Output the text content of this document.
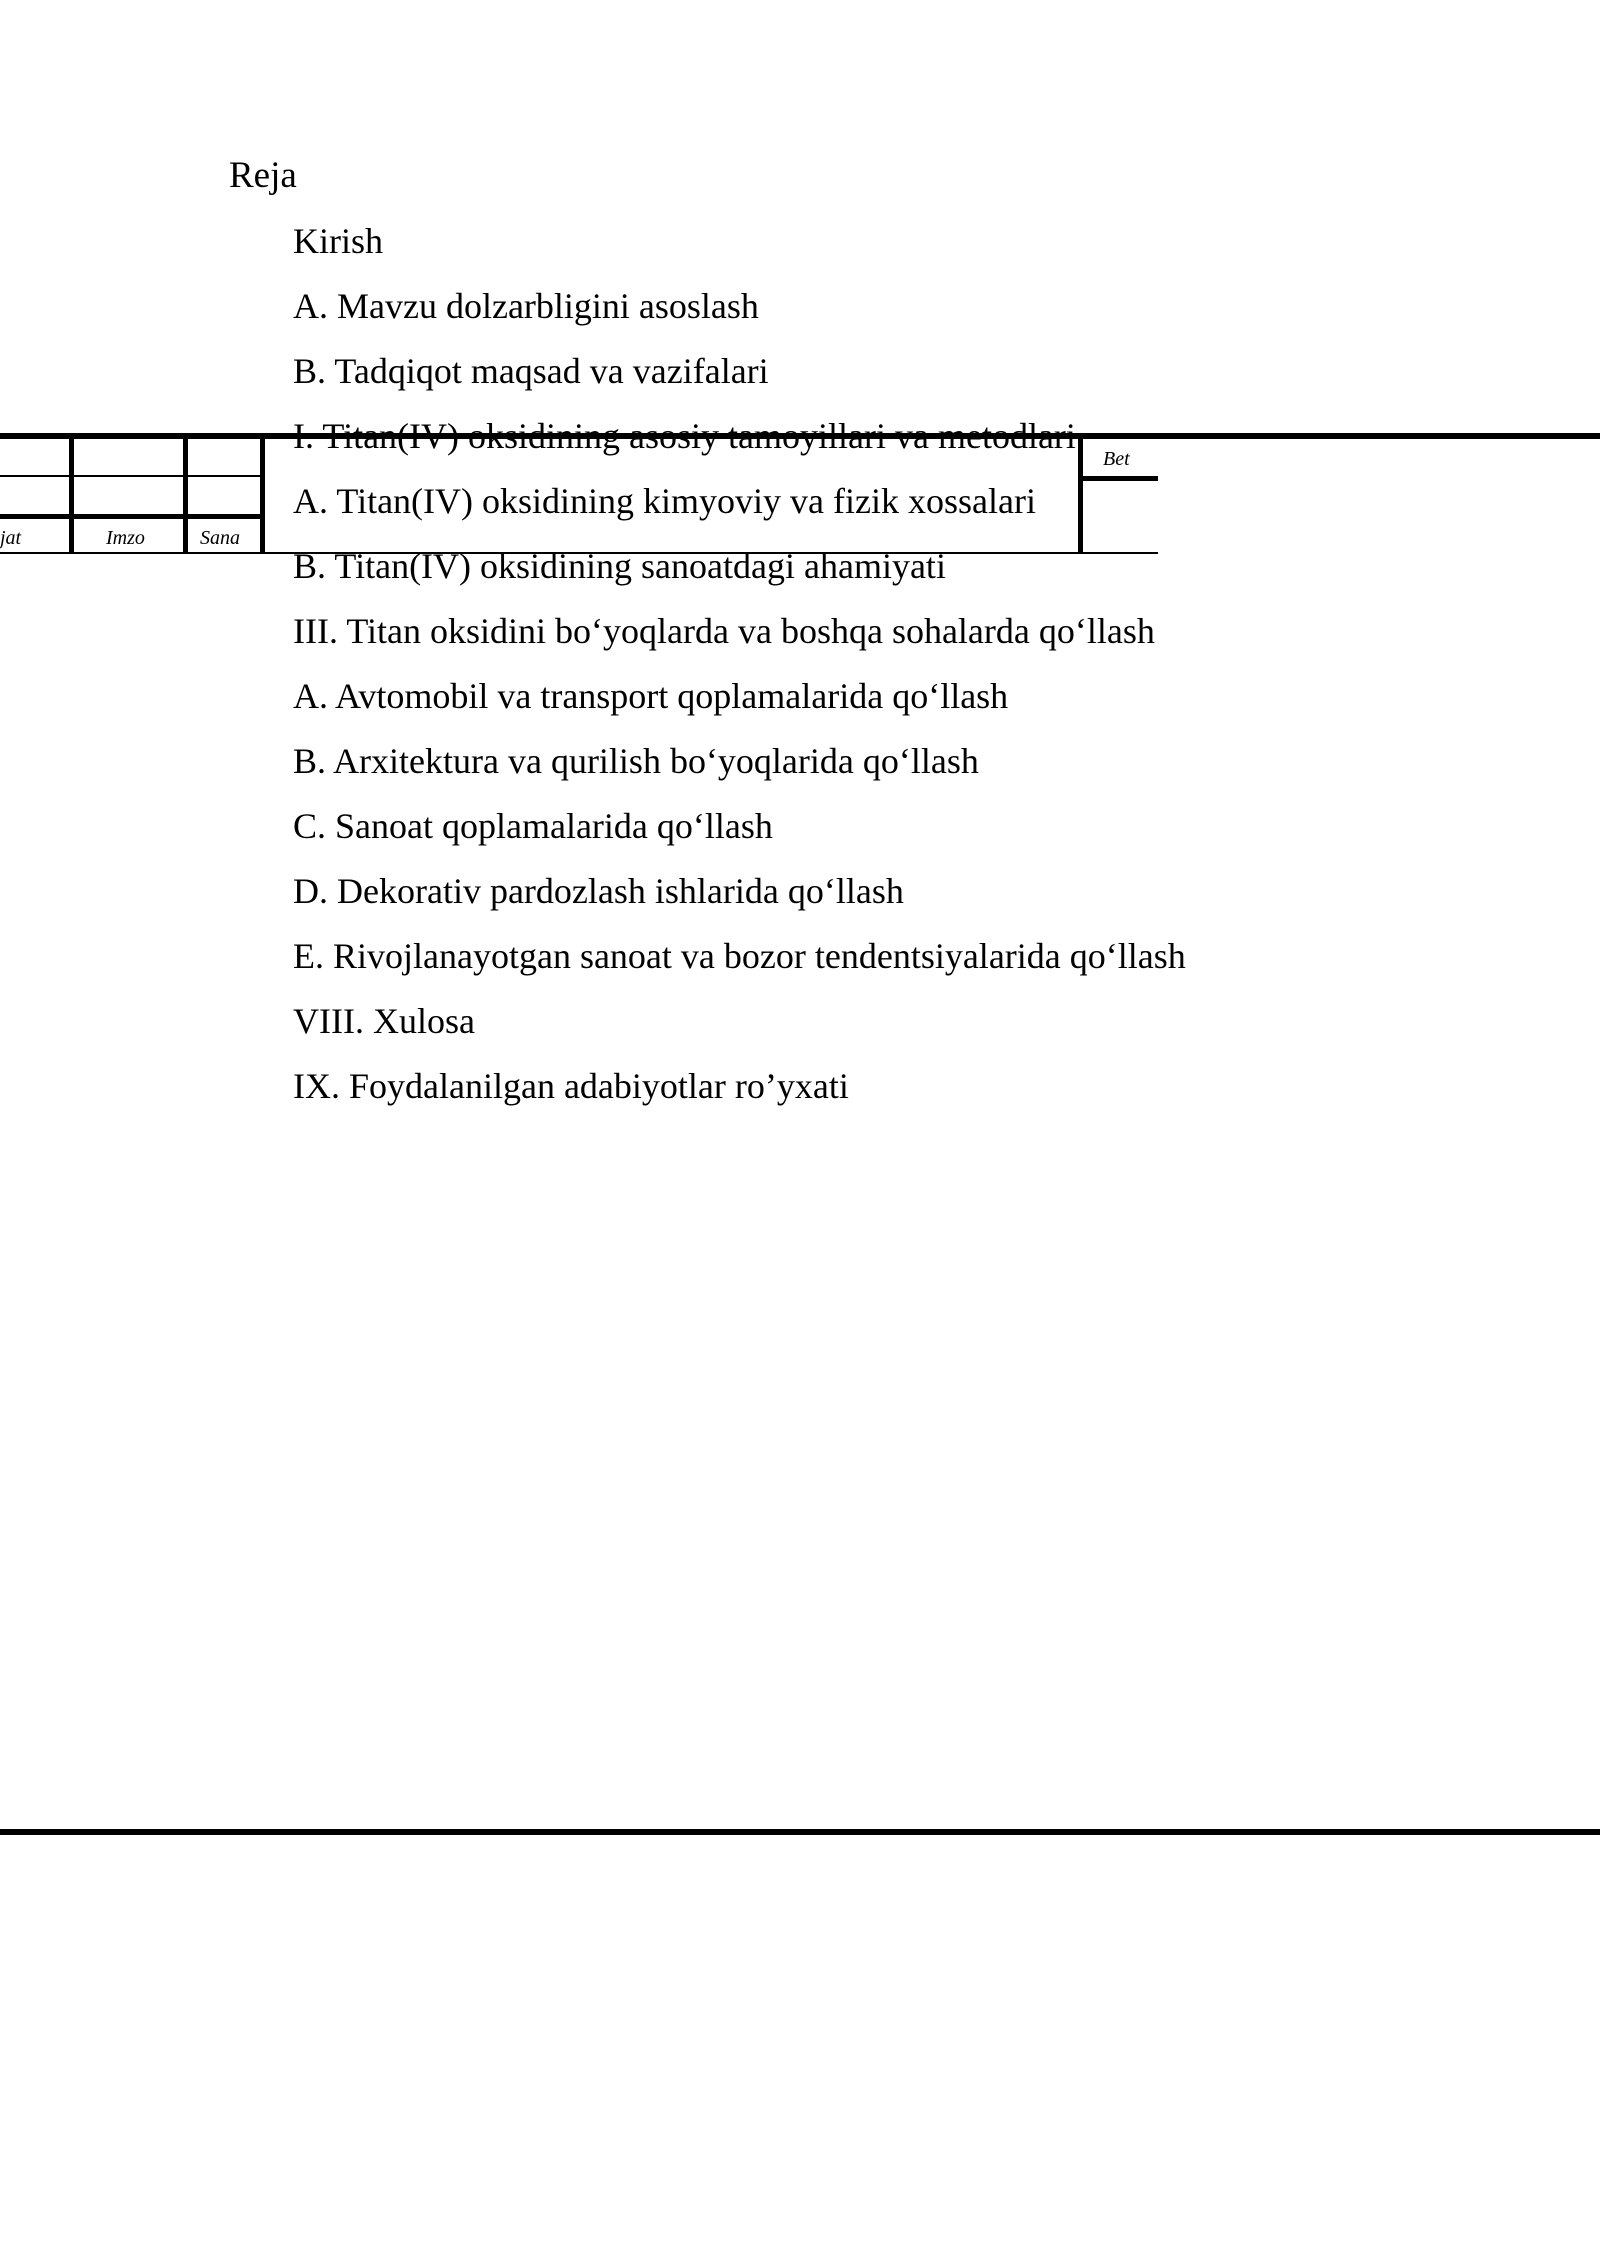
jat	Imzo	Sana
Bet
Reja
Kirish
A. Mavzu dolzarbligini asoslash
B. Tadqiqot maqsad va vazifalari
I. Titan(IV) oksidining asosiy tamoyillari va metodlari
A. Titan(IV) oksidining kimyoviy va fizik xossalari
B. Titan(IV) oksidining sanoatdagi ahamiyati
III. Titan oksidini bo‘yoqlarda va boshqa sohalarda qo‘llash
A. Avtomobil va transport qoplamalarida qo‘llash
B. Arxitektura va qurilish bo‘yoqlarida qo‘llash
C. Sanoat qoplamalarida qo‘llash
D. Dekorativ pardozlash ishlarida qo‘llash
E. Rivojlanayotgan sanoat va bozor tendentsiyalarida qo‘llash
VIII. Xulosa
IX. Foydalanilgan adabiyotlar ro’yxati
